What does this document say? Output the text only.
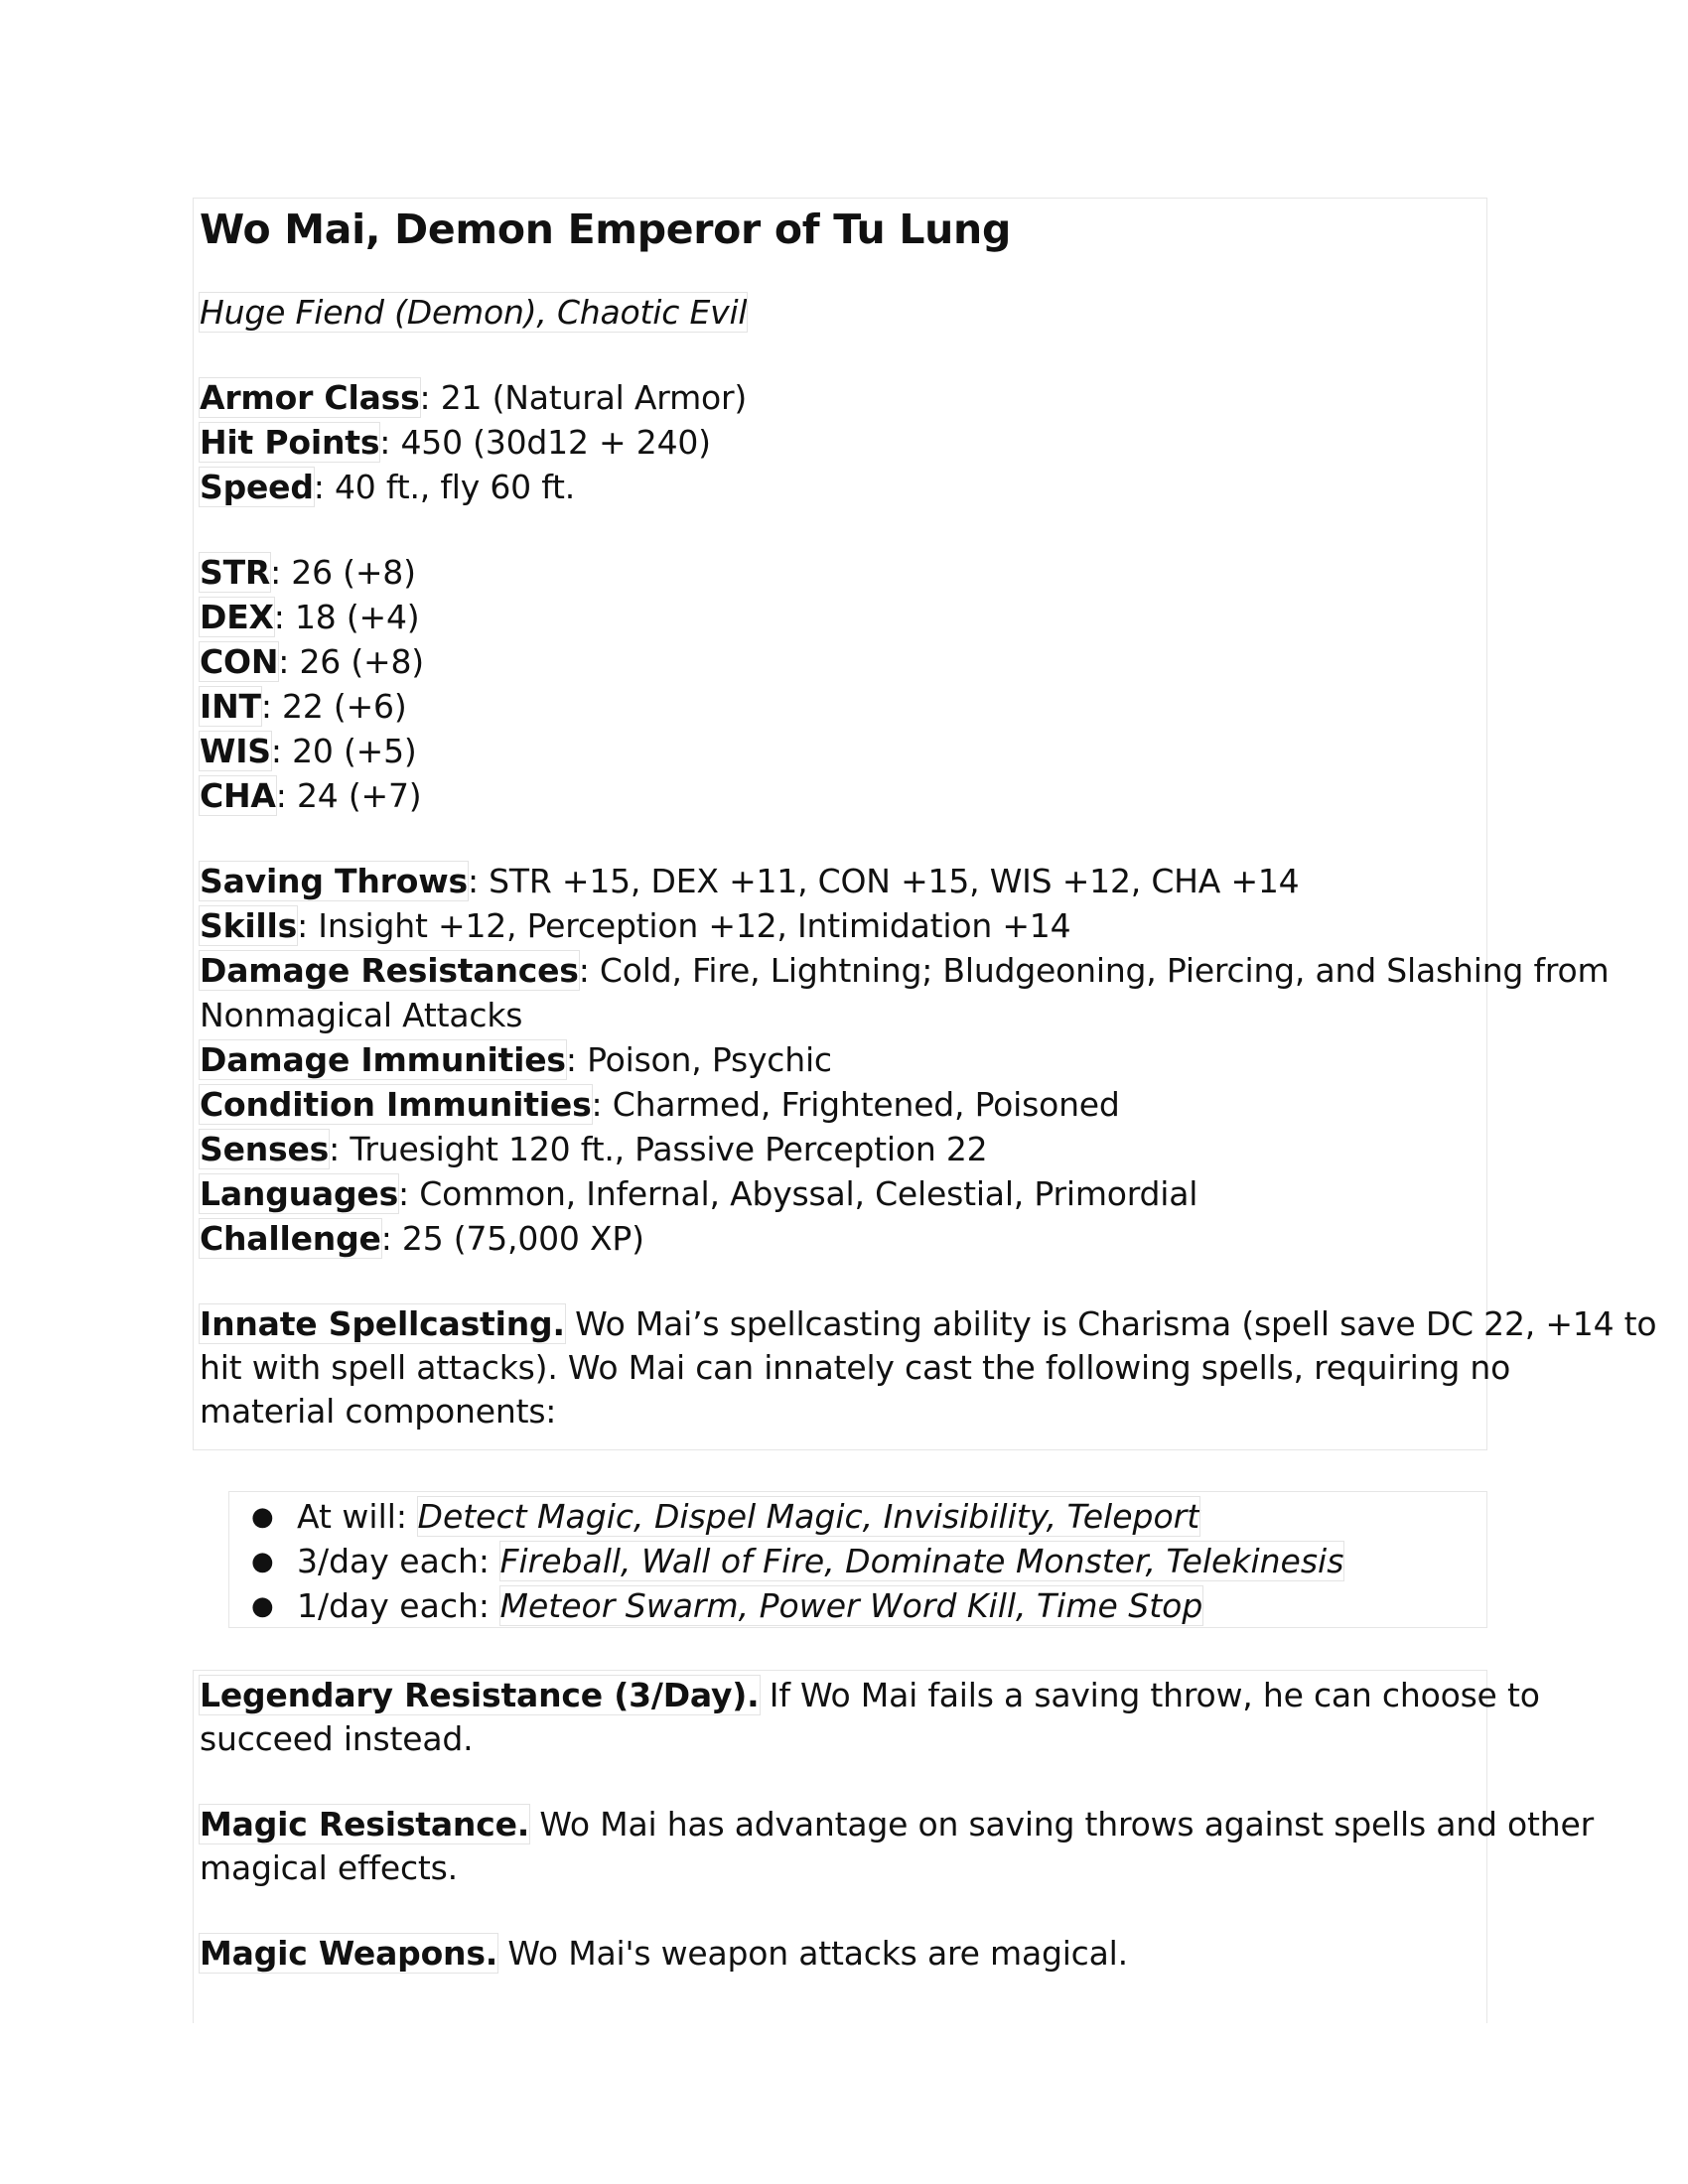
Wo Mai, Demon Emperor of Tu Lung
Huge Fiend (Demon), Chaotic Evil
Armor Class: 21 (Natural Armor)
Hit Points: 450 (30d12 + 240)
Speed: 40 ft., fly 60 ft.
STR: 26 (+8)
DEX: 18 (+4)
CON: 26 (+8)
INT: 22 (+6)
WIS: 20 (+5)
CHA: 24 (+7)
Saving Throws: STR +15, DEX +11, CON +15, WIS +12, CHA +14
Skills: Insight +12, Perception +12, Intimidation +14
Damage Resistances: Cold, Fire, Lightning; Bludgeoning, Piercing, and Slashing from
Nonmagical Attacks
Damage Immunities: Poison, Psychic
Condition Immunities: Charmed, Frightened, Poisoned
Senses: Truesight 120 ft., Passive Perception 22
Languages: Common, Infernal, Abyssal, Celestial, Primordial
Challenge: 25 (75,000 XP)
Innate Spellcasting. Wo Mai’s spellcasting ability is Charisma (spell save DC 22, +14 to
hit with spell attacks). Wo Mai can innately cast the following spells, requiring no
material components:
● At will: Detect Magic, Dispel Magic, Invisibility, Teleport
● 3/day each: Fireball, Wall of Fire, Dominate Monster, Telekinesis
● 1/day each: Meteor Swarm, Power Word Kill, Time Stop
Legendary Resistance (3/Day). If Wo Mai fails a saving throw, he can choose to
succeed instead.
Magic Resistance. Wo Mai has advantage on saving throws against spells and other
magical effects.
Magic Weapons. Wo Mai's weapon attacks are magical.
